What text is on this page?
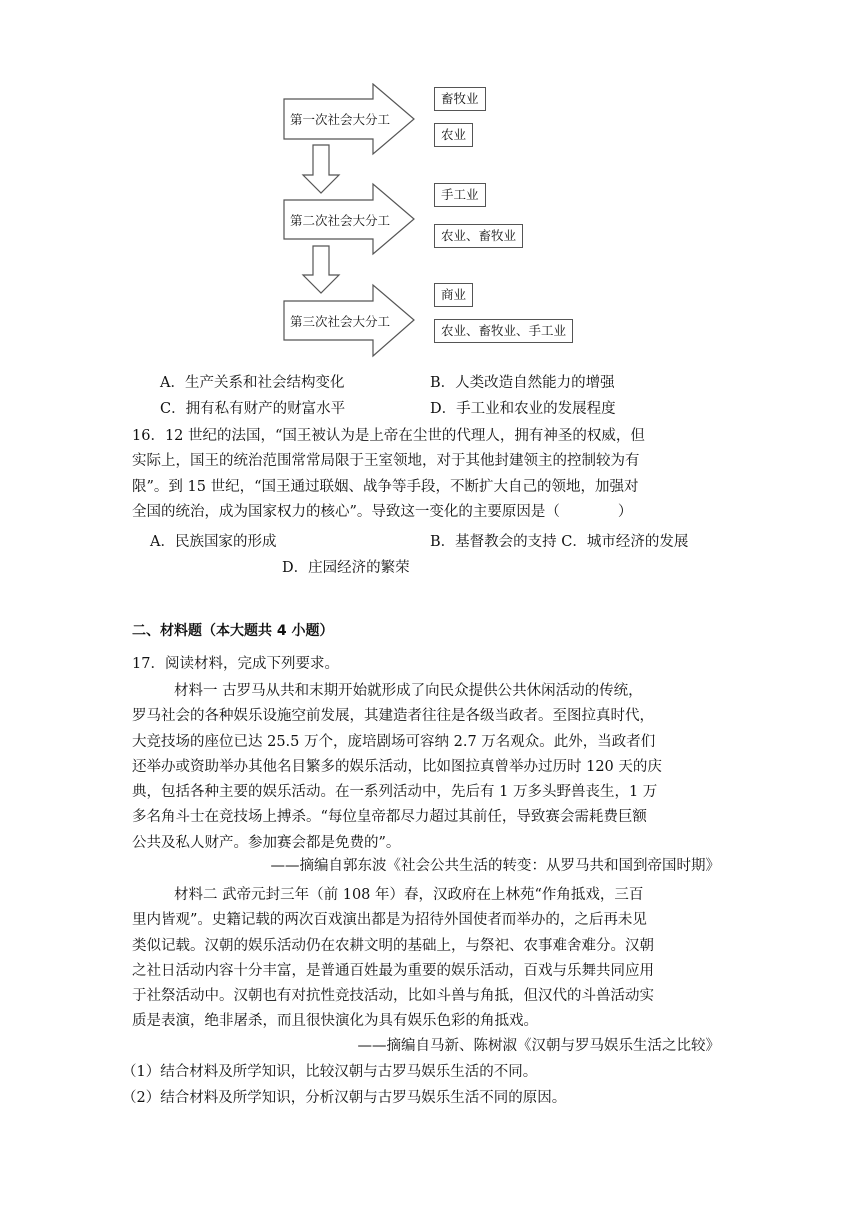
第一次社会大分工
第二次社会大分工
第三次社会大分工
畜牧业
农业
手工业
农业、畜牧业
商业
农业、畜牧业、手工业
A．生产关系和社会结构变化	B．人类改造自然能力的增强
C．拥有私有财产的财富水平	D．手工业和农业的发展程度
16．12 世纪的法国，“国王被认为是上帝在尘世的代理人，拥有神圣的权威，但
实际上，国王的统治范围常常局限于王室领地，对于其他封建领主的控制较为有
限”。到 15 世纪，“国王通过联姻、战争等手段，不断扩大自己的领地，加强对
全国的统治，成为国家权力的核心”。导致这一变化的主要原因是（　　　　）
A．民族国家的形成	B．基督教会的支持 C．城市经济的发展
D．庄园经济的繁荣
二、材料题（本大题共 4 小题）
17．阅读材料，完成下列要求。
材料一 古罗马从共和末期开始就形成了向民众提供公共休闲活动的传统，
罗马社会的各种娱乐设施空前发展，其建造者往往是各级当政者。至图拉真时代，
大竞技场的座位已达 25.5 万个，庞培剧场可容纳 2.7 万名观众。此外，当政者们
还举办或资助举办其他名目繁多的娱乐活动，比如图拉真曾举办过历时 120 天的庆
典，包括各种主要的娱乐活动。在一系列活动中，先后有 1 万多头野兽丧生，1 万
多名角斗士在竞技场上搏杀。“每位皇帝都尽力超过其前任，导致赛会需耗费巨额
公共及私人财产。参加赛会都是免费的”。
——摘编自郭东波《社会公共生活的转变：从罗马共和国到帝国时期》
材料二 武帝元封三年（前 108 年）春，汉政府在上林苑“作角抵戏，三百
里内皆观”。史籍记载的两次百戏演出都是为招待外国使者而举办的，之后再未见
类似记载。汉朝的娱乐活动仍在农耕文明的基础上，与祭祀、农事难舍难分。汉朝
之社日活动内容十分丰富，是普通百姓最为重要的娱乐活动，百戏与乐舞共同应用
于社祭活动中。汉朝也有对抗性竞技活动，比如斗兽与角抵，但汉代的斗兽活动实
质是表演，绝非屠杀，而且很快演化为具有娱乐色彩的角抵戏。
——摘编自马新、陈树淑《汉朝与罗马娱乐生活之比较》
（1）结合材料及所学知识，比较汉朝与古罗马娱乐生活的不同。
（2）结合材料及所学知识，分析汉朝与古罗马娱乐生活不同的原因。
